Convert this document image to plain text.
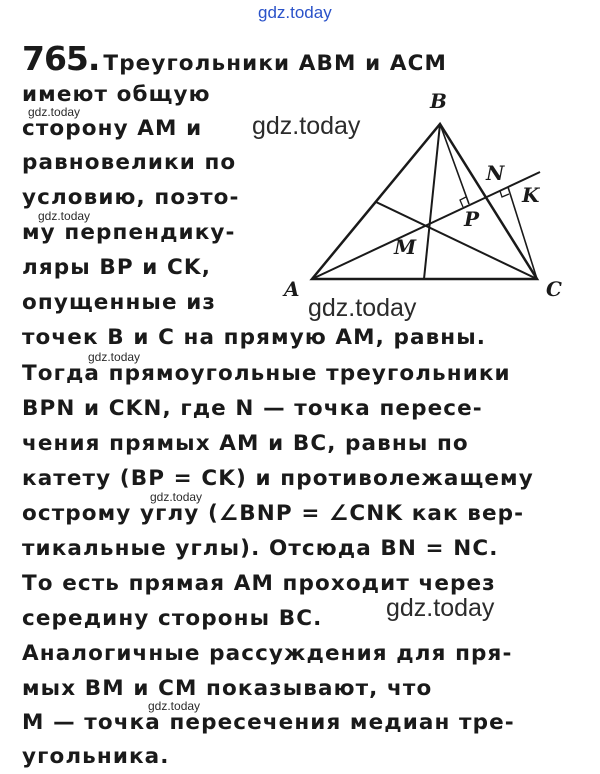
gdz.today
765. Треугольники ABM и ACM
имеют общую
сторону AM и
равновелики по
условию, поэто-
му перпендику-
ляры BP и CK,
опущенные из
точек B и C на прямую AM, равны.
Тогда прямоугольные треугольники
BPN и CKN, где N — точка пересе-
чения прямых AM и BC, равны по
катету (BP = CK) и противолежащему
острому углу (∠BNP = ∠CNK как вер-
тикальные углы). Отсюда BN = NC.
То есть прямая AM проходит через
середину стороны BC.
Аналогичные рассуждения для пря-
мых BM и CM показывают, что
M — точка пересечения медиан тре-
угольника.
B
A	C
M
N
P
K
gdz.today
gdz.today
gdz.today
gdz.today
gdz.today
gdz.today
gdz.today
gdz.today
